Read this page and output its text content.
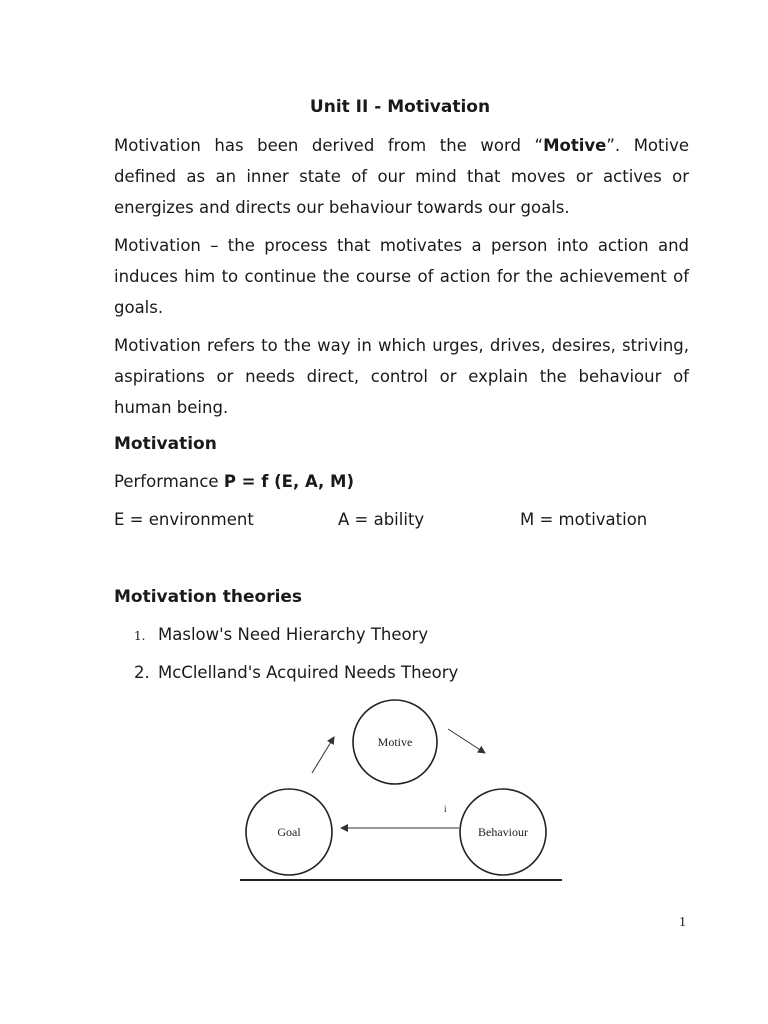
Unit II - Motivation

Motivation has been derived from the word “Motive”. Motive defined as an inner state of our mind that moves or actives or energizes and directs our behaviour towards our goals.

Motivation – the process that motivates a person into action and induces him to continue the course of action for the achievement of goals.

Motivation refers to the way in which urges, drives, desires, striving, aspirations or needs direct, control or explain the behaviour of human being.

Motivation

Performance P = f (E, A, M)

E = environment	A = ability	M = motivation

Motivation theories

1. Maslow's Need Hierarchy Theory

2. McClelland's Acquired Needs Theory

Motive
Goal	Behaviour
i

1
